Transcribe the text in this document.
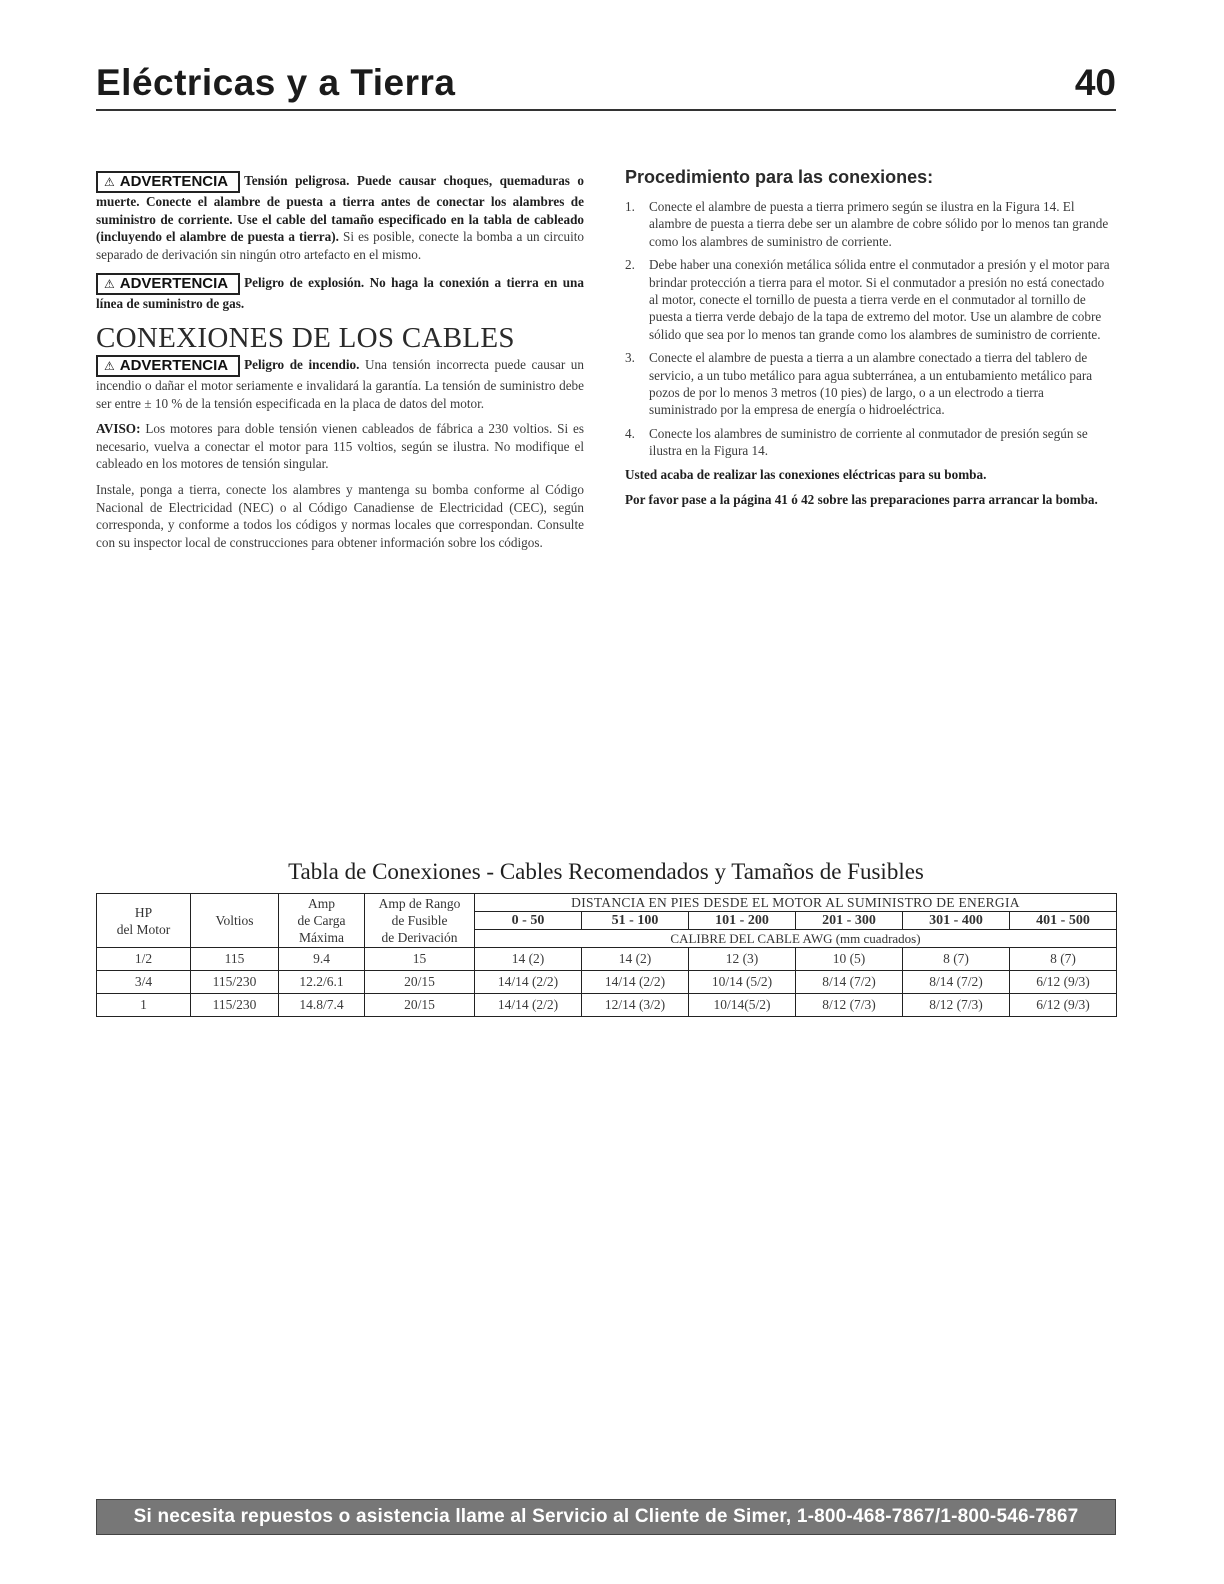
Eléctricas y a Tierra	40

⚠ ADVERTENCIA Tensión peligrosa. Puede causar choques, quemaduras o muerte. Conecte el alambre de puesta a tierra antes de conectar los alambres de suministro de corriente. Use el cable del tamaño especificado en la tabla de cableado (incluyendo el alambre de puesta a tierra). Si es posible, conecte la bomba a un circuito separado de derivación sin ningún otro artefacto en el mismo.

⚠ ADVERTENCIA Peligro de explosión. No haga la conexión a tierra en una línea de suministro de gas.

CONEXIONES DE LOS CABLES

⚠ ADVERTENCIA Peligro de incendio. Una tensión incorrecta puede causar un incendio o dañar el motor seriamente e invalidará la garantía. La tensión de suministro debe ser entre ± 10 % de la tensión especificada en la placa de datos del motor.

AVISO: Los motores para doble tensión vienen cableados de fábrica a 230 voltios. Si es necesario, vuelva a conectar el motor para 115 voltios, según se ilustra. No modifique el cableado en los motores de tensión singular.

Instale, ponga a tierra, conecte los alambres y mantenga su bomba conforme al Código Nacional de Electricidad (NEC) o al Código Canadiense de Electricidad (CEC), según corresponda, y conforme a todos los códigos y normas locales que correspondan. Consulte con su inspector local de construcciones para obtener información sobre los códigos.

Procedimiento para las conexiones:
1. Conecte el alambre de puesta a tierra primero según se ilustra en la Figura 14. El alambre de puesta a tierra debe ser un alambre de cobre sólido por lo menos tan grande como los alambres de suministro de corriente.
2. Debe haber una conexión metálica sólida entre el conmutador a presión y el motor para brindar protección a tierra para el motor. Si el conmutador a presión no está conectado al motor, conecte el tornillo de puesta a tierra verde en el conmutador al tornillo de puesta a tierra verde debajo de la tapa de extremo del motor. Use un alambre de cobre sólido que sea por lo menos tan grande como los alambres de suministro de corriente.
3. Conecte el alambre de puesta a tierra a un alambre conectado a tierra del tablero de servicio, a un tubo metálico para agua subterránea, a un entubamiento metálico para pozos de por lo menos 3 metros (10 pies) de largo, o a un electrodo a tierra suministrado por la empresa de energía o hidroeléctrica.
4. Conecte los alambres de suministro de corriente al conmutador de presión según se ilustra en la Figura 14.

Usted acaba de realizar las conexiones eléctricas para su bomba.

Por favor pase a la página 41 ó 42 sobre las preparaciones parra arrancar la bomba.

Tabla de Conexiones - Cables Recomendados y Tamaños de Fusibles
HP
del Motor	Voltios	Amp
de Carga
Máxima	Amp de Rango
de Fusible
de Derivación	DISTANCIA EN PIES DESDE EL MOTOR AL SUMINISTRO DE ENERGIA					
				0 - 50	51 - 100	101 - 200	201 - 300	301 - 400	401 - 500
				CALIBRE DEL CABLE AWG (mm cuadrados)					
1/2	115	9.4	15	14 (2)	14 (2)	12 (3)	10 (5)	8 (7)	8 (7)
3/4	115/230	12.2/6.1	20/15	14/14 (2/2)	14/14 (2/2)	10/14 (5/2)	8/14 (7/2)	8/14 (7/2)	6/12 (9/3)
1	115/230	14.8/7.4	20/15	14/14 (2/2)	12/14 (3/2)	10/14(5/2)	8/12 (7/3)	8/12 (7/3)	6/12 (9/3)
Si necesita repuestos o asistencia llame al Servicio al Cliente de Simer, 1-800-468-7867/1-800-546-7867
